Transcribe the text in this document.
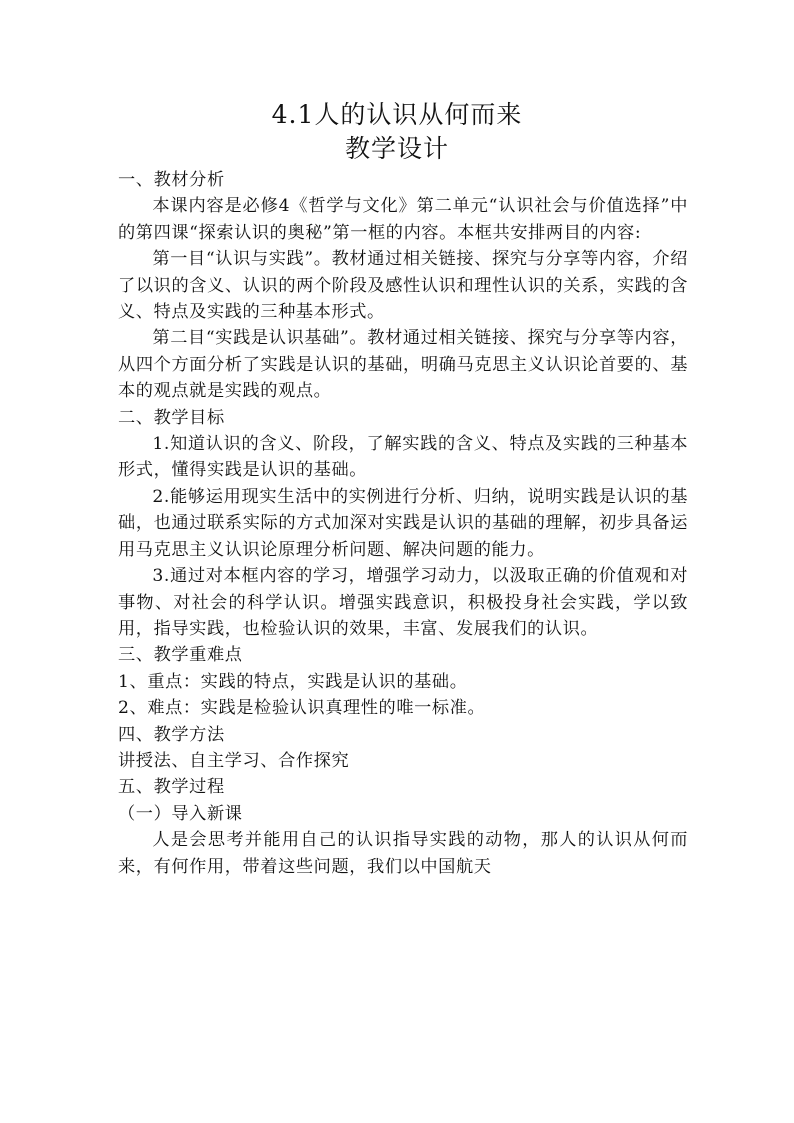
4.1人的认识从何而来
教学设计

一、教材分析

本课内容是必修4《哲学与文化》第二单元“认识社会与价值选择”中的第四课“探索认识的奥秘”第一框的内容。本框共安排两目的内容:

第一目“认识与实践”。教材通过相关链接、探究与分享等内容，介绍了以识的含义、认识的两个阶段及感性认识和理性认识的关系，实践的含义、特点及实践的三种基本形式。

第二目“实践是认识基础”。教材通过相关链接、探究与分享等内容，从四个方面分析了实践是认识的基础，明确马克思主义认识论首要的、基本的观点就是实践的观点。

二、教学目标

1.知道认识的含义、阶段，了解实践的含义、特点及实践的三种基本形式，懂得实践是认识的基础。

2.能够运用现实生活中的实例进行分析、归纳，说明实践是认识的基础，也通过联系实际的方式加深对实践是认识的基础的理解，初步具备运用马克思主义认识论原理分析问题、解决问题的能力。

3.通过对本框内容的学习，增强学习动力，以汲取正确的价值观和对事物、对社会的科学认识。增强实践意识，积极投身社会实践，学以致用，指导实践，也检验认识的效果，丰富、发展我们的认识。

三、教学重难点

1、重点：实践的特点，实践是认识的基础。

2、难点：实践是检验认识真理性的唯一标准。

四、教学方法

讲授法、自主学习、合作探究

五、教学过程

（一）导入新课

人是会思考并能用自己的认识指导实践的动物，那人的认识从何而来，有何作用，带着这些问题，我们以中国航天
